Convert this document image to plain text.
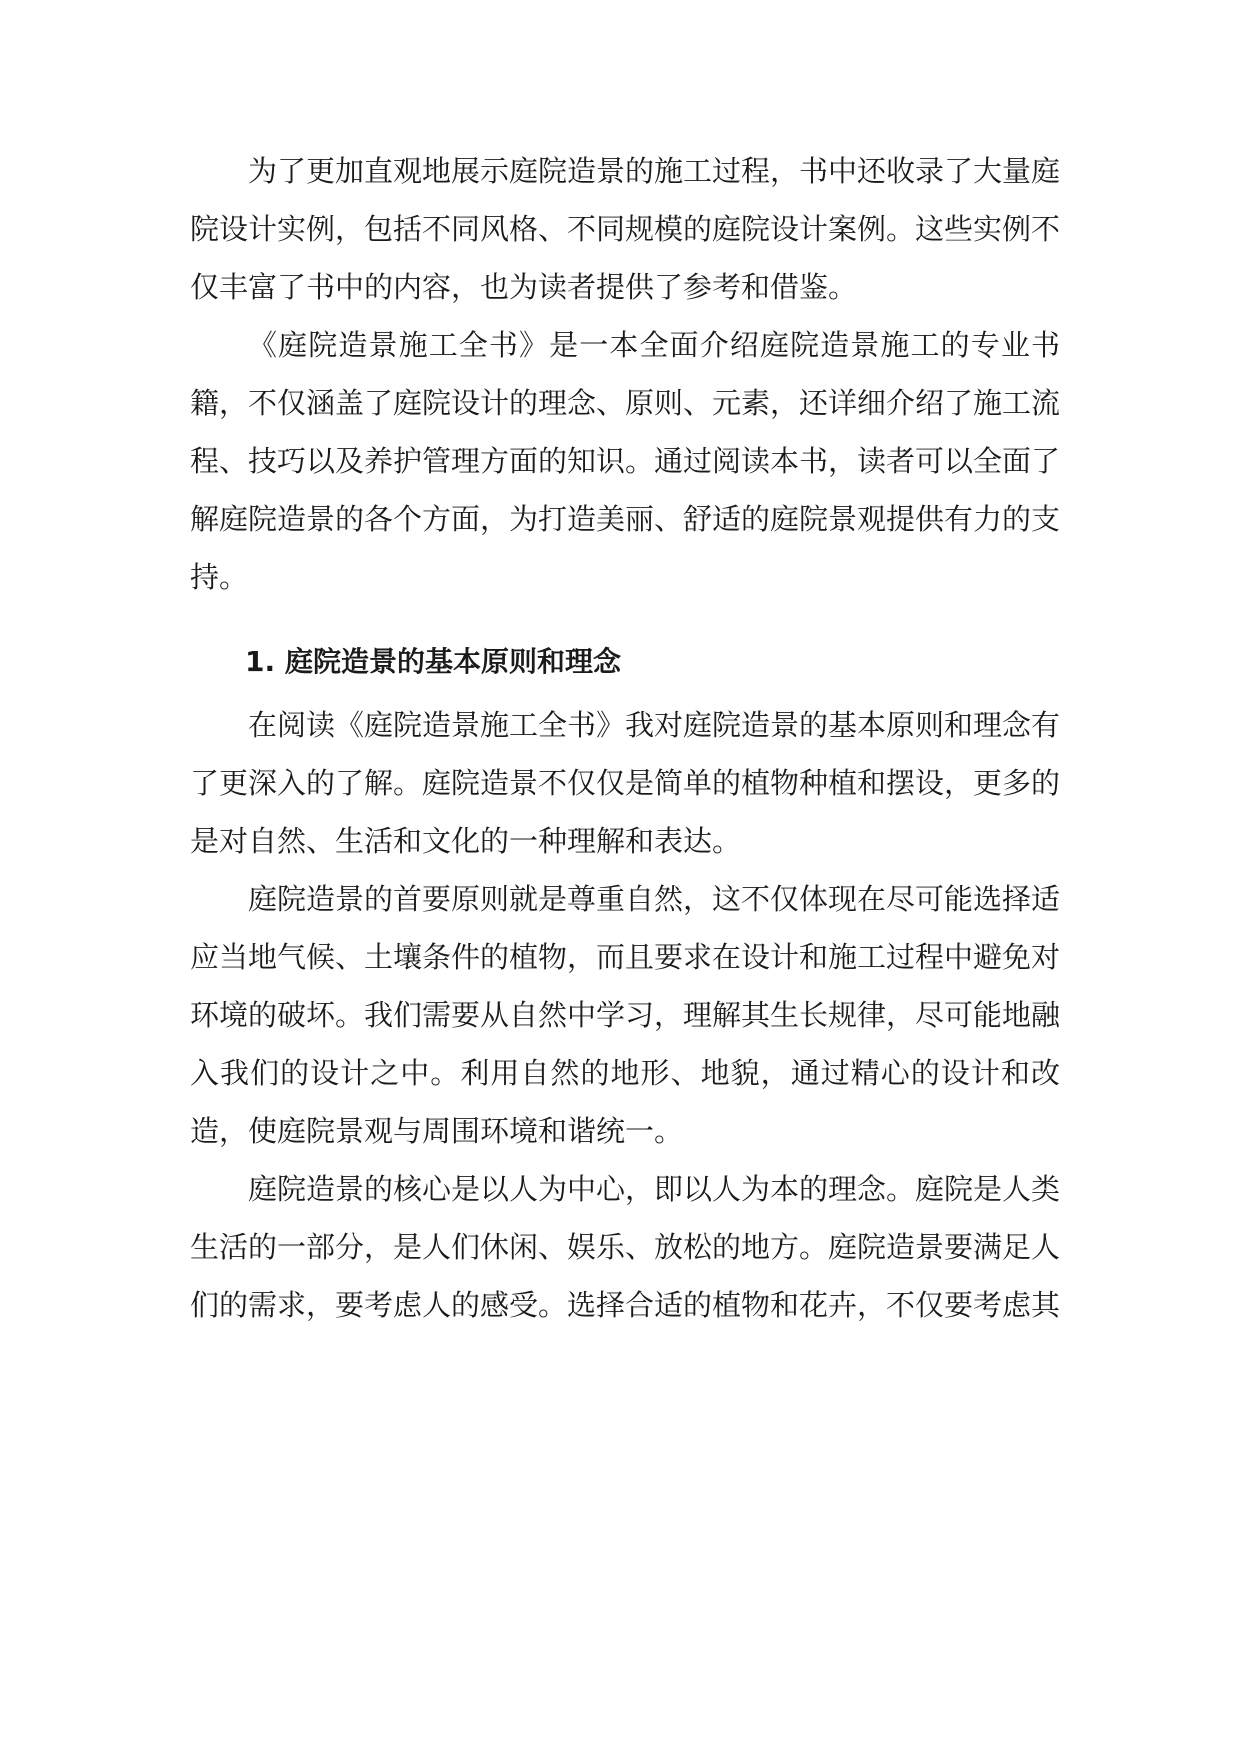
为了更加直观地展示庭院造景的施工过程，书中还收录了大量庭院设计实例，包括不同风格、不同规模的庭院设计案例。这些实例不仅丰富了书中的内容，也为读者提供了参考和借鉴。

《庭院造景施工全书》是一本全面介绍庭院造景施工的专业书籍，不仅涵盖了庭院设计的理念、原则、元素，还详细介绍了施工流程、技巧以及养护管理方面的知识。通过阅读本书，读者可以全面了解庭院造景的各个方面，为打造美丽、舒适的庭院景观提供有力的支持。

1. 庭院造景的基本原则和理念

在阅读《庭院造景施工全书》我对庭院造景的基本原则和理念有了更深入的了解。庭院造景不仅仅是简单的植物种植和摆设，更多的是对自然、生活和文化的一种理解和表达。

庭院造景的首要原则就是尊重自然，这不仅体现在尽可能选择适应当地气候、土壤条件的植物，而且要求在设计和施工过程中避免对环境的破坏。我们需要从自然中学习，理解其生长规律，尽可能地融入我们的设计之中。利用自然的地形、地貌，通过精心的设计和改造，使庭院景观与周围环境和谐统一。

庭院造景的核心是以人为中心，即以人为本的理念。庭院是人类生活的一部分，是人们休闲、娱乐、放松的地方。庭院造景要满足人们的需求，要考虑人的感受。选择合适的植物和花卉，不仅要考虑其
